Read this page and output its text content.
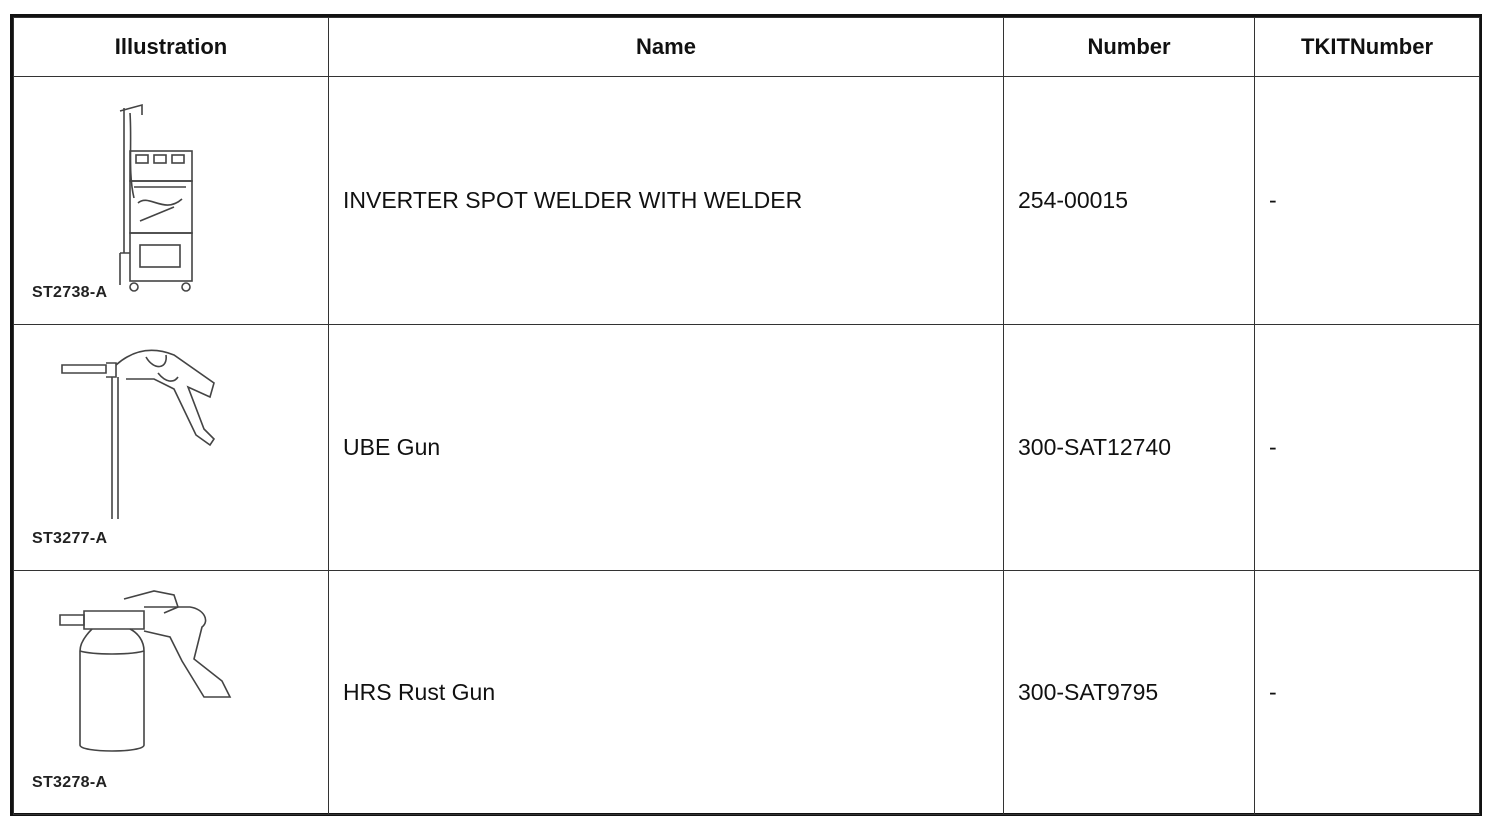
Illustration	Name	Number	TKITNumber

ST2738-A	INVERTER SPOT WELDER WITH WELDER	254-00015	-

ST3277-A	UBE Gun	300-SAT12740	-

ST3278-A	HRS Rust Gun	300-SAT9795	-
